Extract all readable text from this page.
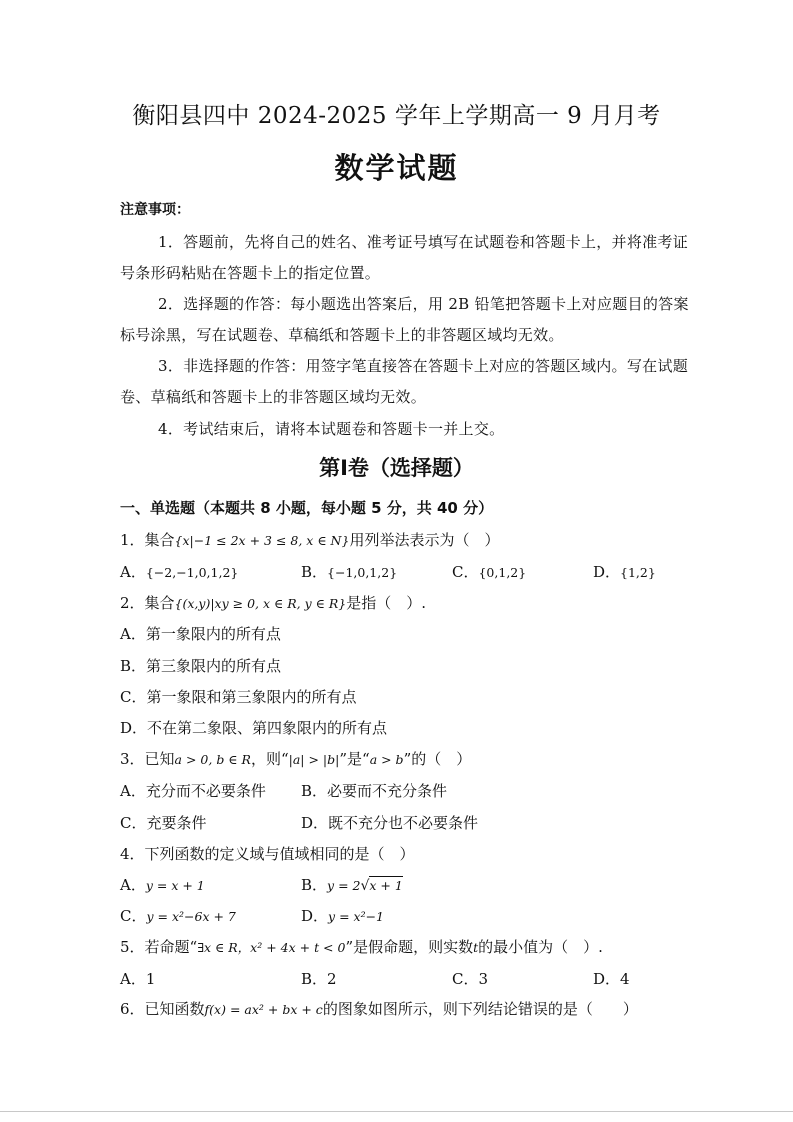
衡阳县四中 2024-2025 学年上学期高一 9 月月考
数学试题
注意事项：
1．答题前，先将自己的姓名、准考证号填写在试题卷和答题卡上，并将准考证
号条形码粘贴在答题卡上的指定位置。
2．选择题的作答：每小题选出答案后，用 2B 铅笔把答题卡上对应题目的答案
标号涂黑，写在试题卷、草稿纸和答题卡上的非答题区域均无效。
3．非选择题的作答：用签字笔直接答在答题卡上对应的答题区域内。写在试题
卷、草稿纸和答题卡上的非答题区域均无效。
4．考试结束后，请将本试题卷和答题卡一并上交。
第Ⅰ卷（选择题）
一、单选题（本题共 8 小题，每小题 5 分，共 40 分）
1．集合{x|−1 ≤ 2x + 3 ≤ 8, x ∈ N}用列举法表示为（　）
A．{−2,−1,0,1,2}	B．{−1,0,1,2}	C．{0,1,2}	D．{1,2}
2．集合{(x,y)|xy ≥ 0, x ∈ R, y ∈ R}是指（　）.
A．第一象限内的所有点
B．第三象限内的所有点
C．第一象限和第三象限内的所有点
D．不在第二象限、第四象限内的所有点
3．已知a > 0, b ∈ R，则“|a| > |b|”是“a > b”的（　）
A．充分而不必要条件 B．必要而不充分条件
C．充要条件	D．既不充分也不必要条件
4．下列函数的定义域与值域相同的是（　）
A．y = x + 1	B．y = 2√x + 1
C．y = x²−6x + 7	D．y = x²−1
5．若命题“∃x ∈ R，x² + 4x + t < 0”是假命题，则实数t的最小值为（　）.
A．1	B．2	C．3	D．4
6．已知函数f(x) = ax² + bx + c的图象如图所示，则下列结论错误的是（　　）
